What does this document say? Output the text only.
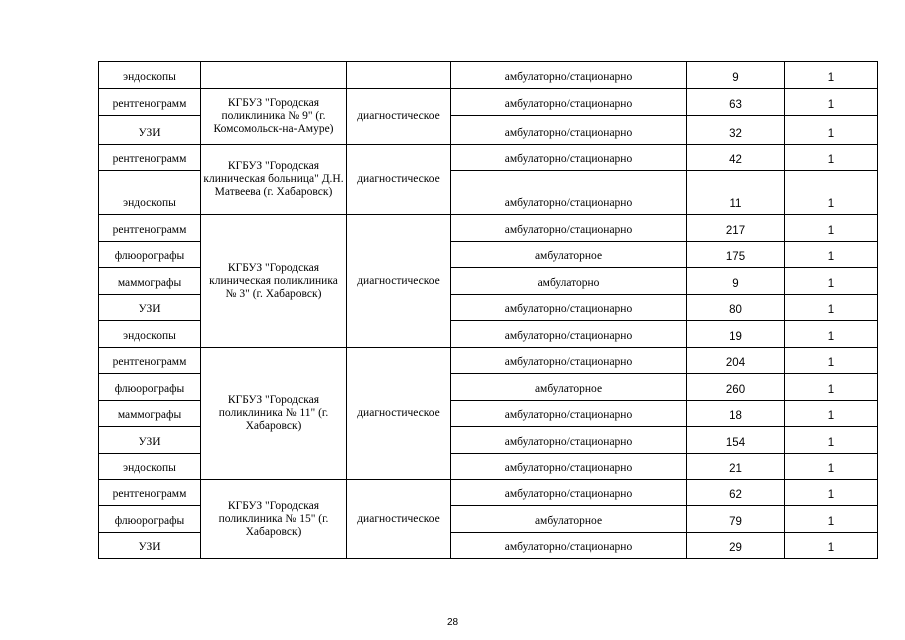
эндоскопы			амбулаторно/стационарно	9	1
рентгенограмм	КГБУЗ "Городская поликлиника № 9" (г. Комсомольск-на-Амуре)	диагностическое	амбулаторно/стационарно	63	1
УЗИ			амбулаторно/стационарно	32	1
рентгенограмм	КГБУЗ "Городская клиническая больница" Д.Н. Матвеева (г. Хабаровск)	диагностическое	амбулаторно/стационарно	42	1
эндоскопы			амбулаторно/стационарно	11	1
рентгенограмм	КГБУЗ "Городская клиническая поликлиника № 3" (г. Хабаровск)	диагностическое	амбулаторно/стационарно	217	1
флюорографы			амбулаторное	175	1
маммографы			амбулаторно	9	1
УЗИ			амбулаторно/стационарно	80	1
эндоскопы			амбулаторно/стационарно	19	1
рентгенограмм	КГБУЗ "Городская поликлиника № 11" (г. Хабаровск)	диагностическое	амбулаторно/стационарно	204	1
флюорографы			амбулаторное	260	1
маммографы			амбулаторно/стационарно	18	1
УЗИ			амбулаторно/стационарно	154	1
эндоскопы			амбулаторно/стационарно	21	1
рентгенограмм	КГБУЗ "Городская поликлиника № 15" (г. Хабаровск)	диагностическое	амбулаторно/стационарно	62	1
флюорографы			амбулаторное	79	1
УЗИ			амбулаторно/стационарно	29	1
28
